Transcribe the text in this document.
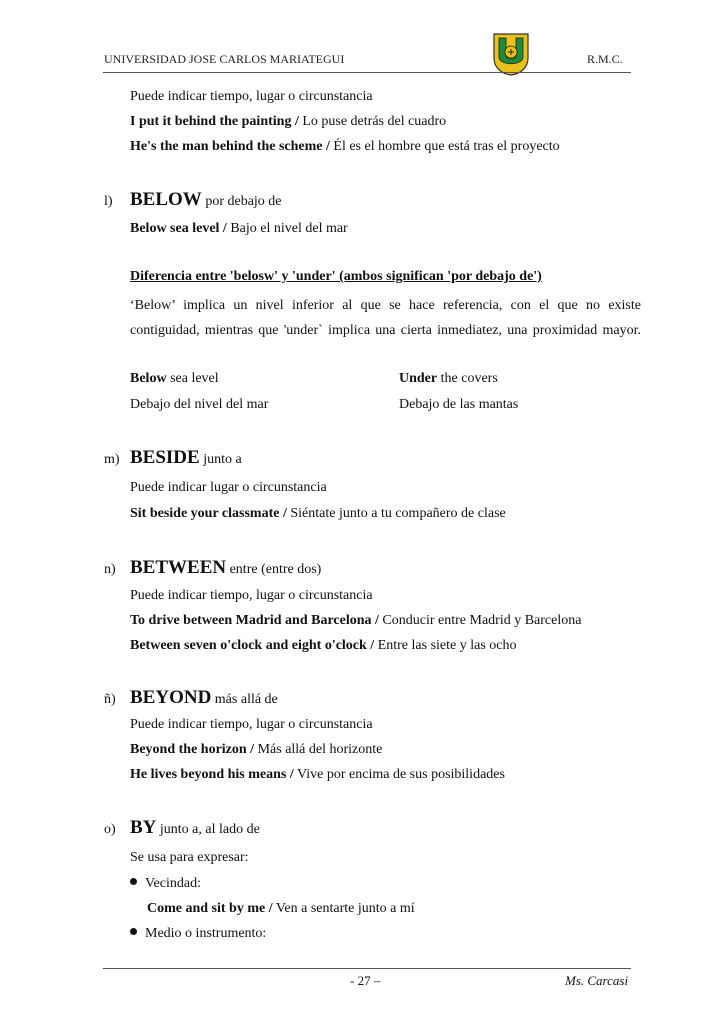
UNIVERSIDAD JOSE CARLOS MARIATEGUI	R.M.C.
Puede indicar tiempo, lugar o circunstancia
I put it behind the painting / Lo puse detrás del cuadro
He's the man behind the scheme / Él es el hombre que está tras el proyecto
l) BELOW por debajo de
Below sea level / Bajo el nivel del mar
Diferencia entre 'belosw' y 'under' (ambos significan 'por debajo de')
‘Below’ implica un nivel inferior al que se hace referencia, con el que no existe contiguidad, mientras que 'under` implica una cierta inmediatez, una proximidad mayor.
Below sea level	Under the covers
Debajo del nivel del mar	Debajo de las mantas
m) BESIDE junto a
Puede indicar lugar o circunstancia
Sit beside your classmate / Siéntate junto a tu compañero de clase
n) BETWEEN entre (entre dos)
Puede indicar tiempo, lugar o circunstancia
To drive between Madrid and Barcelona / Conducir entre Madrid y Barcelona
Between seven o'clock and eight o'clock / Entre las siete y las ocho
ñ) BEYOND más allá de
Puede indicar tiempo, lugar o circunstancia
Beyond the horizon / Más allá del horizonte
He lives beyond his means / Vive por encima de sus posibilidades
o) BY junto a, al lado de
Se usa para expresar:
Vecindad:
Come and sit by me / Ven a sentarte junto a mí
Medio o instrumento:
- 27 –	Ms. Carcasi
